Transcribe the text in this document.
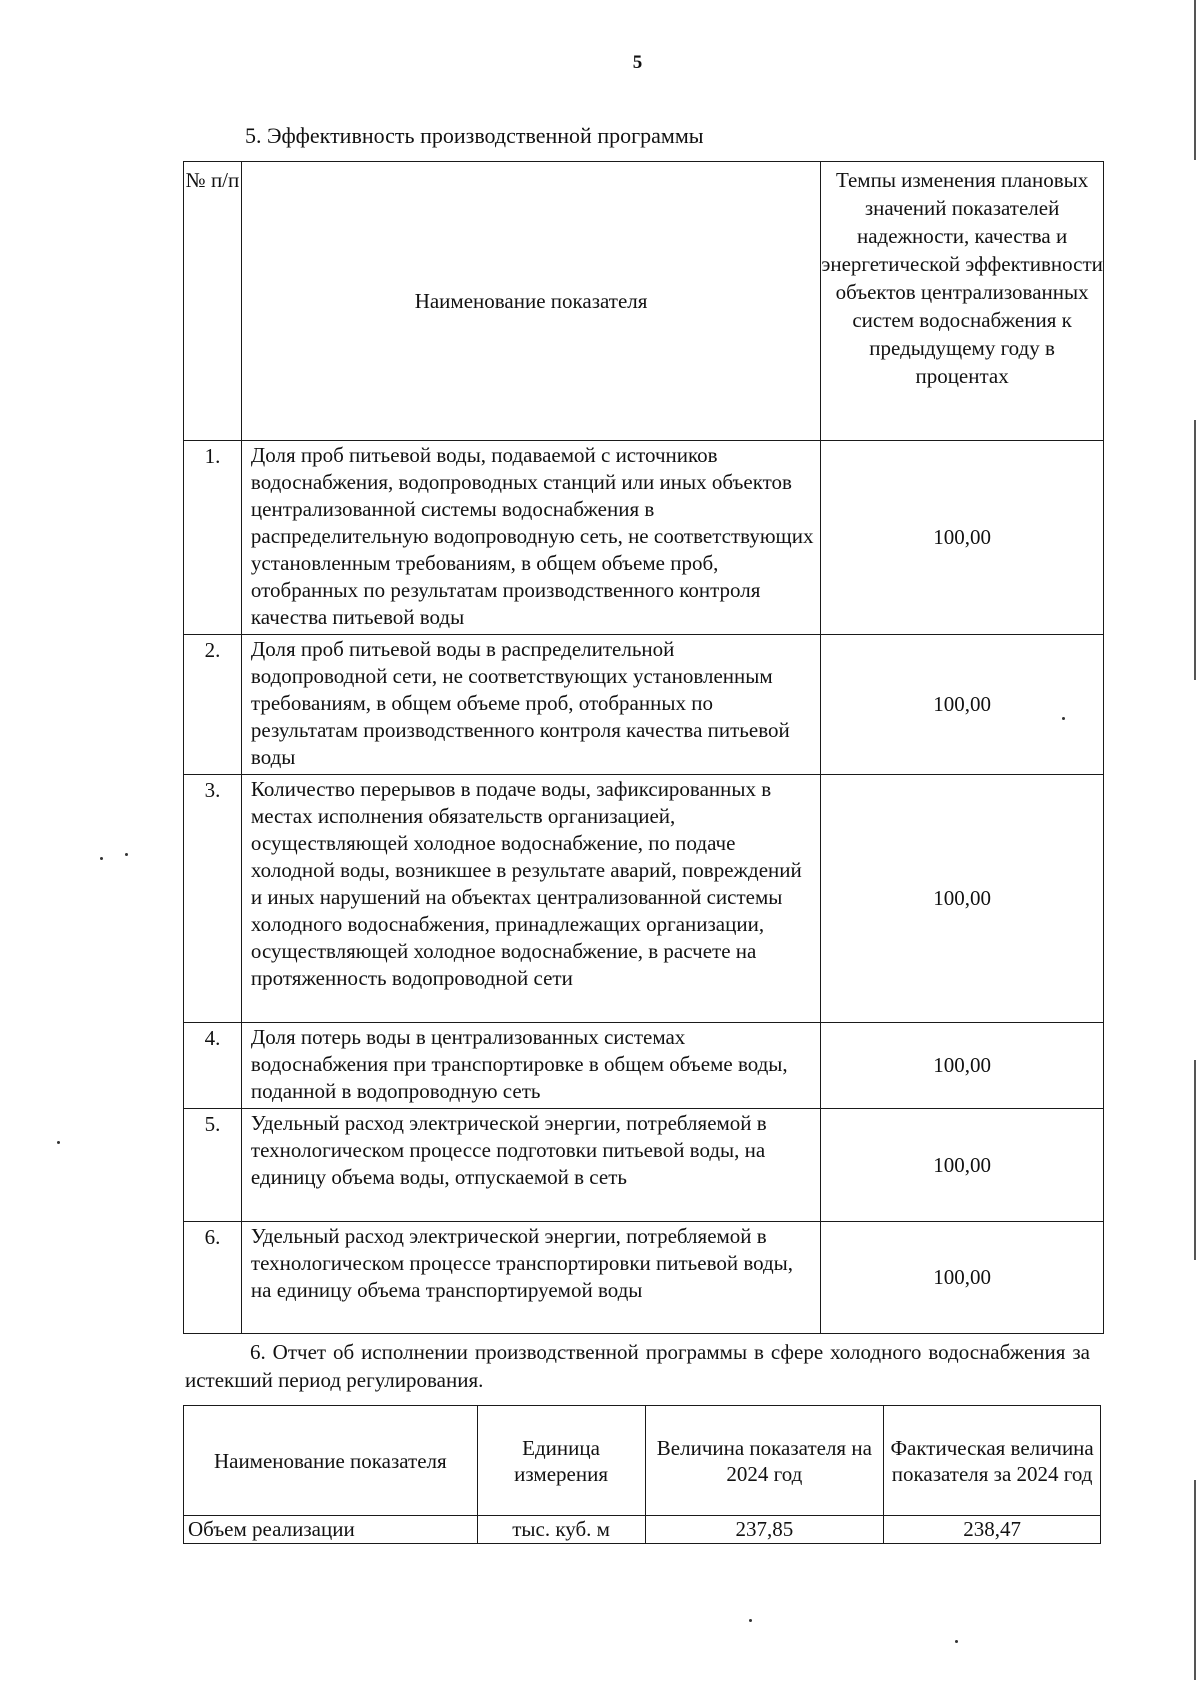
5
5. Эффективность производственной программы
№ п/п	Наименование показателя	Темпы изменения плановых значений показателей надежности, качества и энергетической эффективности объектов централизованных систем водоснабжения к предыдущему году в процентах
1.	Доля проб питьевой воды, подаваемой с источников водоснабжения, водопроводных станций или иных объектов централизованной системы водоснабжения в распределительную водопроводную сеть, не соответствующих установленным требованиям, в общем объеме проб, отобранных по результатам производственного контроля качества питьевой воды	100,00
2.	Доля проб питьевой воды в распределительной водопроводной сети, не соответствующих установленным требованиям, в общем объеме проб, отобранных по результатам производственного контроля качества питьевой воды	100,00
3.	Количество перерывов в подаче воды, зафиксированных в местах исполнения обязательств организацией, осуществляющей холодное водоснабжение, по подаче холодной воды, возникшее в результате аварий, повреждений и иных нарушений на объектах централизованной системы холодного водоснабжения, принадлежащих организации, осуществляющей холодное водоснабжение, в расчете на протяженность водопроводной сети	100,00
4.	Доля потерь воды в централизованных системах водоснабжения при транспортировке в общем объеме воды, поданной в водопроводную сеть	100,00
5.	Удельный расход электрической энергии, потребляемой в технологическом процессе подготовки питьевой воды, на единицу объема воды, отпускаемой в сеть	100,00
6.	Удельный расход электрической энергии, потребляемой в технологическом процессе транспортировки питьевой воды, на единицу объема транспортируемой воды	100,00
6. Отчет об исполнении производственной программы в сфере холодного водоснабжения за истекший период регулирования.
Наименование показателя	Единица измерения	Величина показателя на 2024 год	Фактическая величина показателя за 2024 год
Объем реализации	тыс. куб. м	237,85	238,47
